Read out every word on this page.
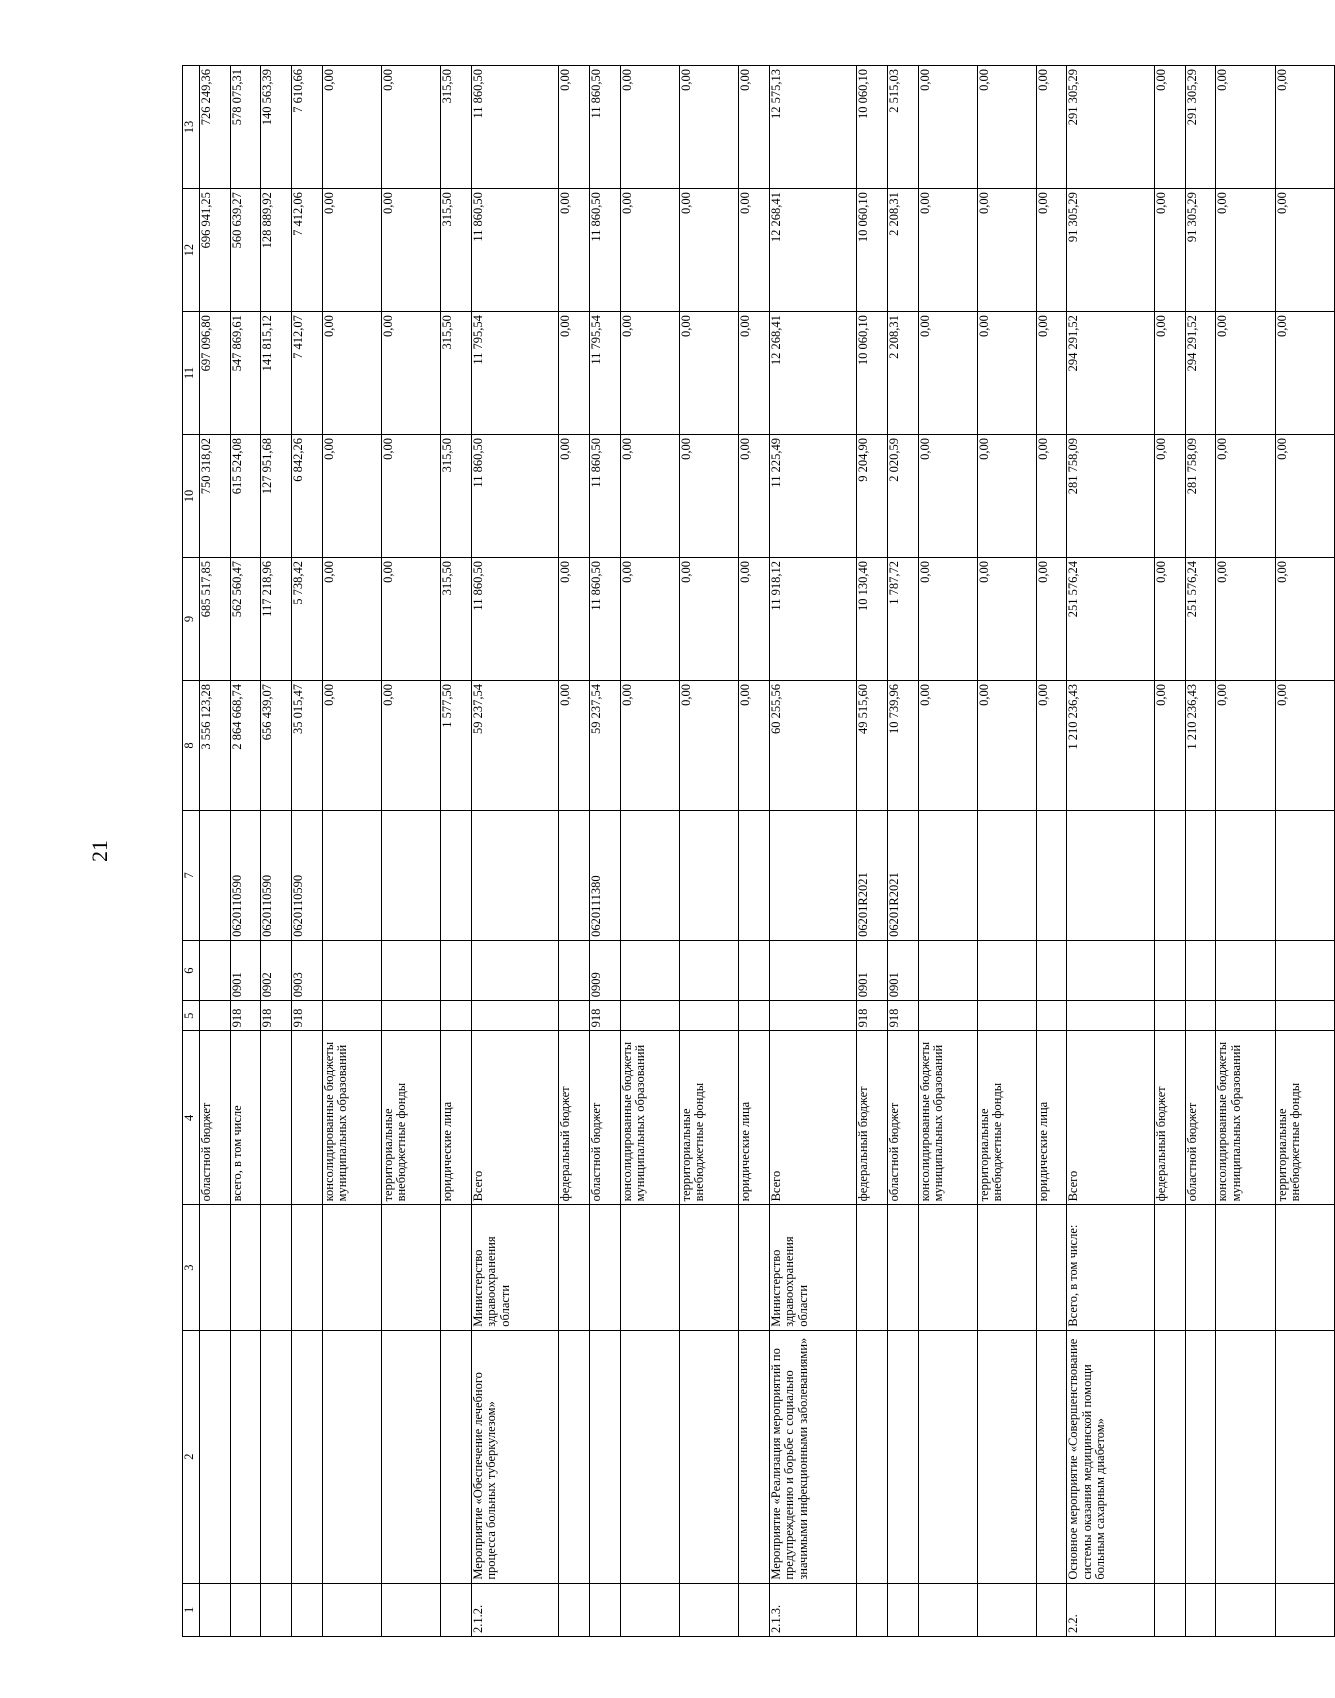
21
1	2	3	4	5	6	7	8	9	10	11	12	13
			областной бюджет				3 556 123,28	685 517,85	750 318,02	697 096,80	696 941,25	726 249,36
			всего, в том числе	918	0901	0620110590	2 864 668,74	562 560,47	615 524,08	547 869,61	560 639,27	578 075,31
				918	0902	0620110590	656 439,07	117 218,96	127 951,68	141 815,12	128 889,92	140 563,39
				918	0903	0620110590	35 015,47	5 738,42	6 842,26	7 412,07	7 412,06	7 610,66
			консолидированные бюджеты муниципальных образований				0,00	0,00	0,00	0,00	0,00	0,00
			территориальные внебюджетные фонды				0,00	0,00	0,00	0,00	0,00	0,00
			юридические лица				1 577,50	315,50	315,50	315,50	315,50	315,50
2.1.2.	Мероприятие «Обеспечение лечебного процесса больных туберкулезом»	Министерство здравоохранения области	Всего				59 237,54	11 860,50	11 860,50	11 795,54	11 860,50	11 860,50
			федеральный бюджет				0,00	0,00	0,00	0,00	0,00	0,00
			областной бюджет	918	0909	0620111380	59 237,54	11 860,50	11 860,50	11 795,54	11 860,50	11 860,50
			консолидированные бюджеты муниципальных образований				0,00	0,00	0,00	0,00	0,00	0,00
			территориальные внебюджетные фонды				0,00	0,00	0,00	0,00	0,00	0,00
			юридические лица				0,00	0,00	0,00	0,00	0,00	0,00
2.1.3.	Мероприятие «Реализация мероприятий по предупреждению и борьбе с социально значимыми инфекционными заболеваниями»	Министерство здравоохранения области	Всего				60 255,56	11 918,12	11 225,49	12 268,41	12 268,41	12 575,13
			федеральный бюджет	918	0901	06201R2021	49 515,60	10 130,40	9 204,90	10 060,10	10 060,10	10 060,10
			областной бюджет	918	0901	06201R2021	10 739,96	1 787,72	2 020,59	2 208,31	2 208,31	2 515,03
			консолидированные бюджеты муниципальных образований				0,00	0,00	0,00	0,00	0,00	0,00
			территориальные внебюджетные фонды				0,00	0,00	0,00	0,00	0,00	0,00
			юридические лица				0,00	0,00	0,00	0,00	0,00	0,00
2.2.	Основное мероприятие «Совершенствование системы оказания медицинской помощи больным сахарным диабетом»	Всего, в том числе:	Всего				1 210 236,43	251 576,24	281 758,09	294 291,52	91 305,29	291 305,29
			федеральный бюджет				0,00	0,00	0,00	0,00	0,00	0,00
			областной бюджет				1 210 236,43	251 576,24	281 758,09	294 291,52	91 305,29	291 305,29
			консолидированные бюджеты муниципальных образований				0,00	0,00	0,00	0,00	0,00	0,00
			территориальные внебюджетные фонды				0,00	0,00	0,00	0,00	0,00	0,00
